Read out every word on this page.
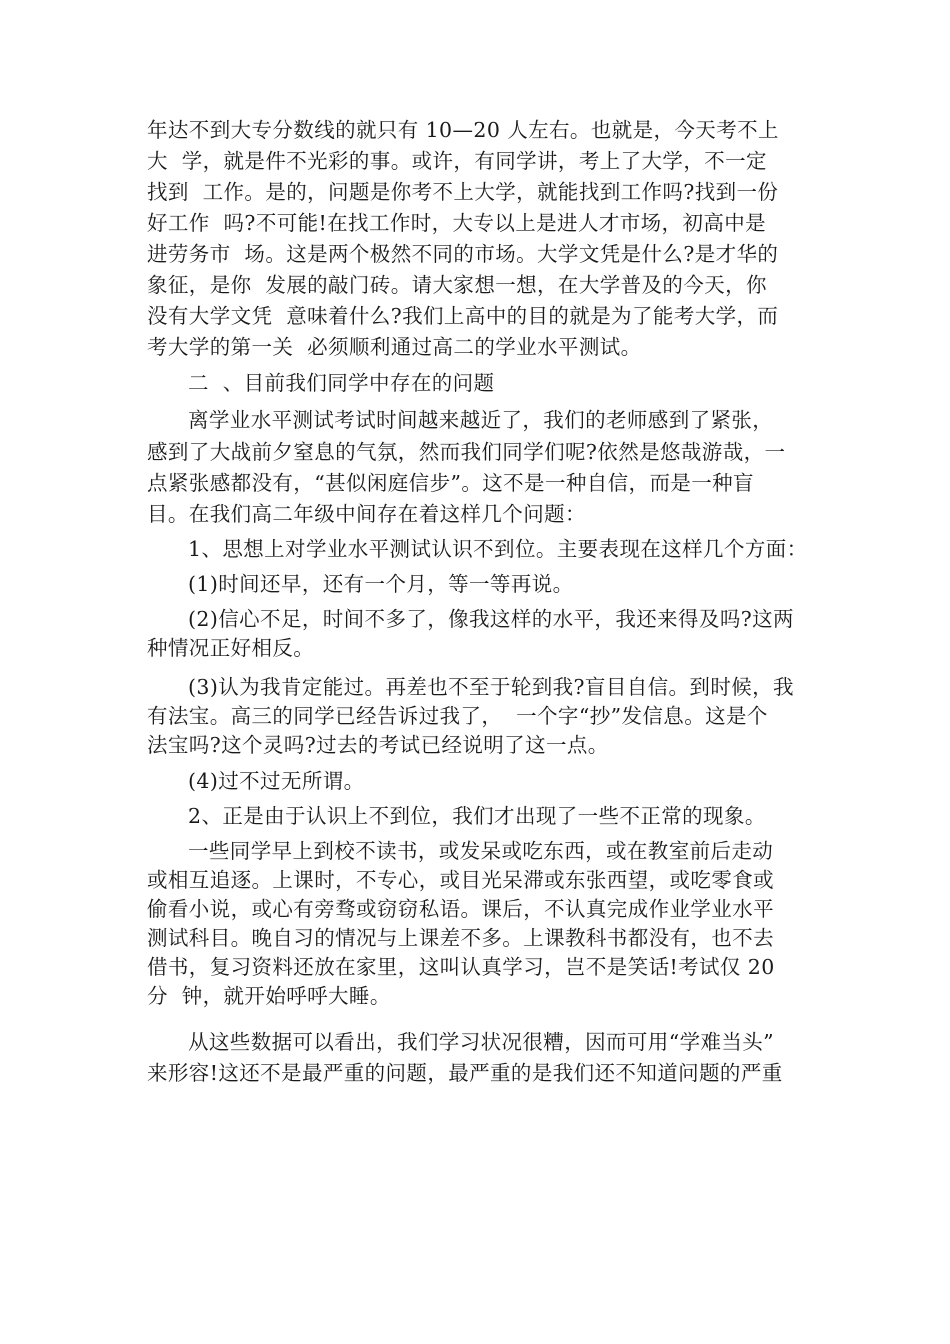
年达不到大专分数线的就只有 10—20 人左右。也就是，今天考不上
大  学，就是件不光彩的事。或许，有同学讲，考上了大学，不一定
找到  工作。是的，问题是你考不上大学，就能找到工作吗?找到一份
好工作  吗?不可能!在找工作时，大专以上是进人才市场，初高中是
进劳务市  场。这是两个极然不同的市场。大学文凭是什么?是才华的
象征，是你  发展的敲门砖。请大家想一想，在大学普及的今天，你
没有大学文凭  意味着什么?我们上高中的目的就是为了能考大学，而
考大学的第一关  必须顺利通过高二的学业水平测试。
二  、目前我们同学中存在的问题
离学业水平测试考试时间越来越近了，我们的老师感到了紧张，
感到了大战前夕窒息的气氛，然而我们同学们呢?依然是悠哉游哉，一
点紧张感都没有，“甚似闲庭信步”。这不是一种自信，而是一种盲
目。在我们高二年级中间存在着这样几个问题：
1、思想上对学业水平测试认识不到位。主要表现在这样几个方面：
(1)时间还早，还有一个月，等一等再说。
(2)信心不足，时间不多了，像我这样的水平，我还来得及吗?这两
种情况正好相反。
(3)认为我肯定能过。再差也不至于轮到我?盲目自信。到时候，我
有法宝。高三的同学已经告诉过我了，  一个字“抄”发信息。这是个
法宝吗?这个灵吗?过去的考试已经说明了这一点。
(4)过不过无所谓。
2、正是由于认识上不到位，我们才出现了一些不正常的现象。
一些同学早上到校不读书，或发呆或吃东西，或在教室前后走动
或相互追逐。上课时，不专心，或目光呆滞或东张西望，或吃零食或
偷看小说，或心有旁骛或窃窃私语。课后，不认真完成作业学业水平
测试科目。晚自习的情况与上课差不多。上课教科书都没有，也不去
借书，复习资料还放在家里，这叫认真学习，岂不是笑话!考试仅 20
分  钟，就开始呼呼大睡。
从这些数据可以看出，我们学习状况很糟，因而可用“学难当头”
来形容!这还不是最严重的问题，最严重的是我们还不知道问题的严重
